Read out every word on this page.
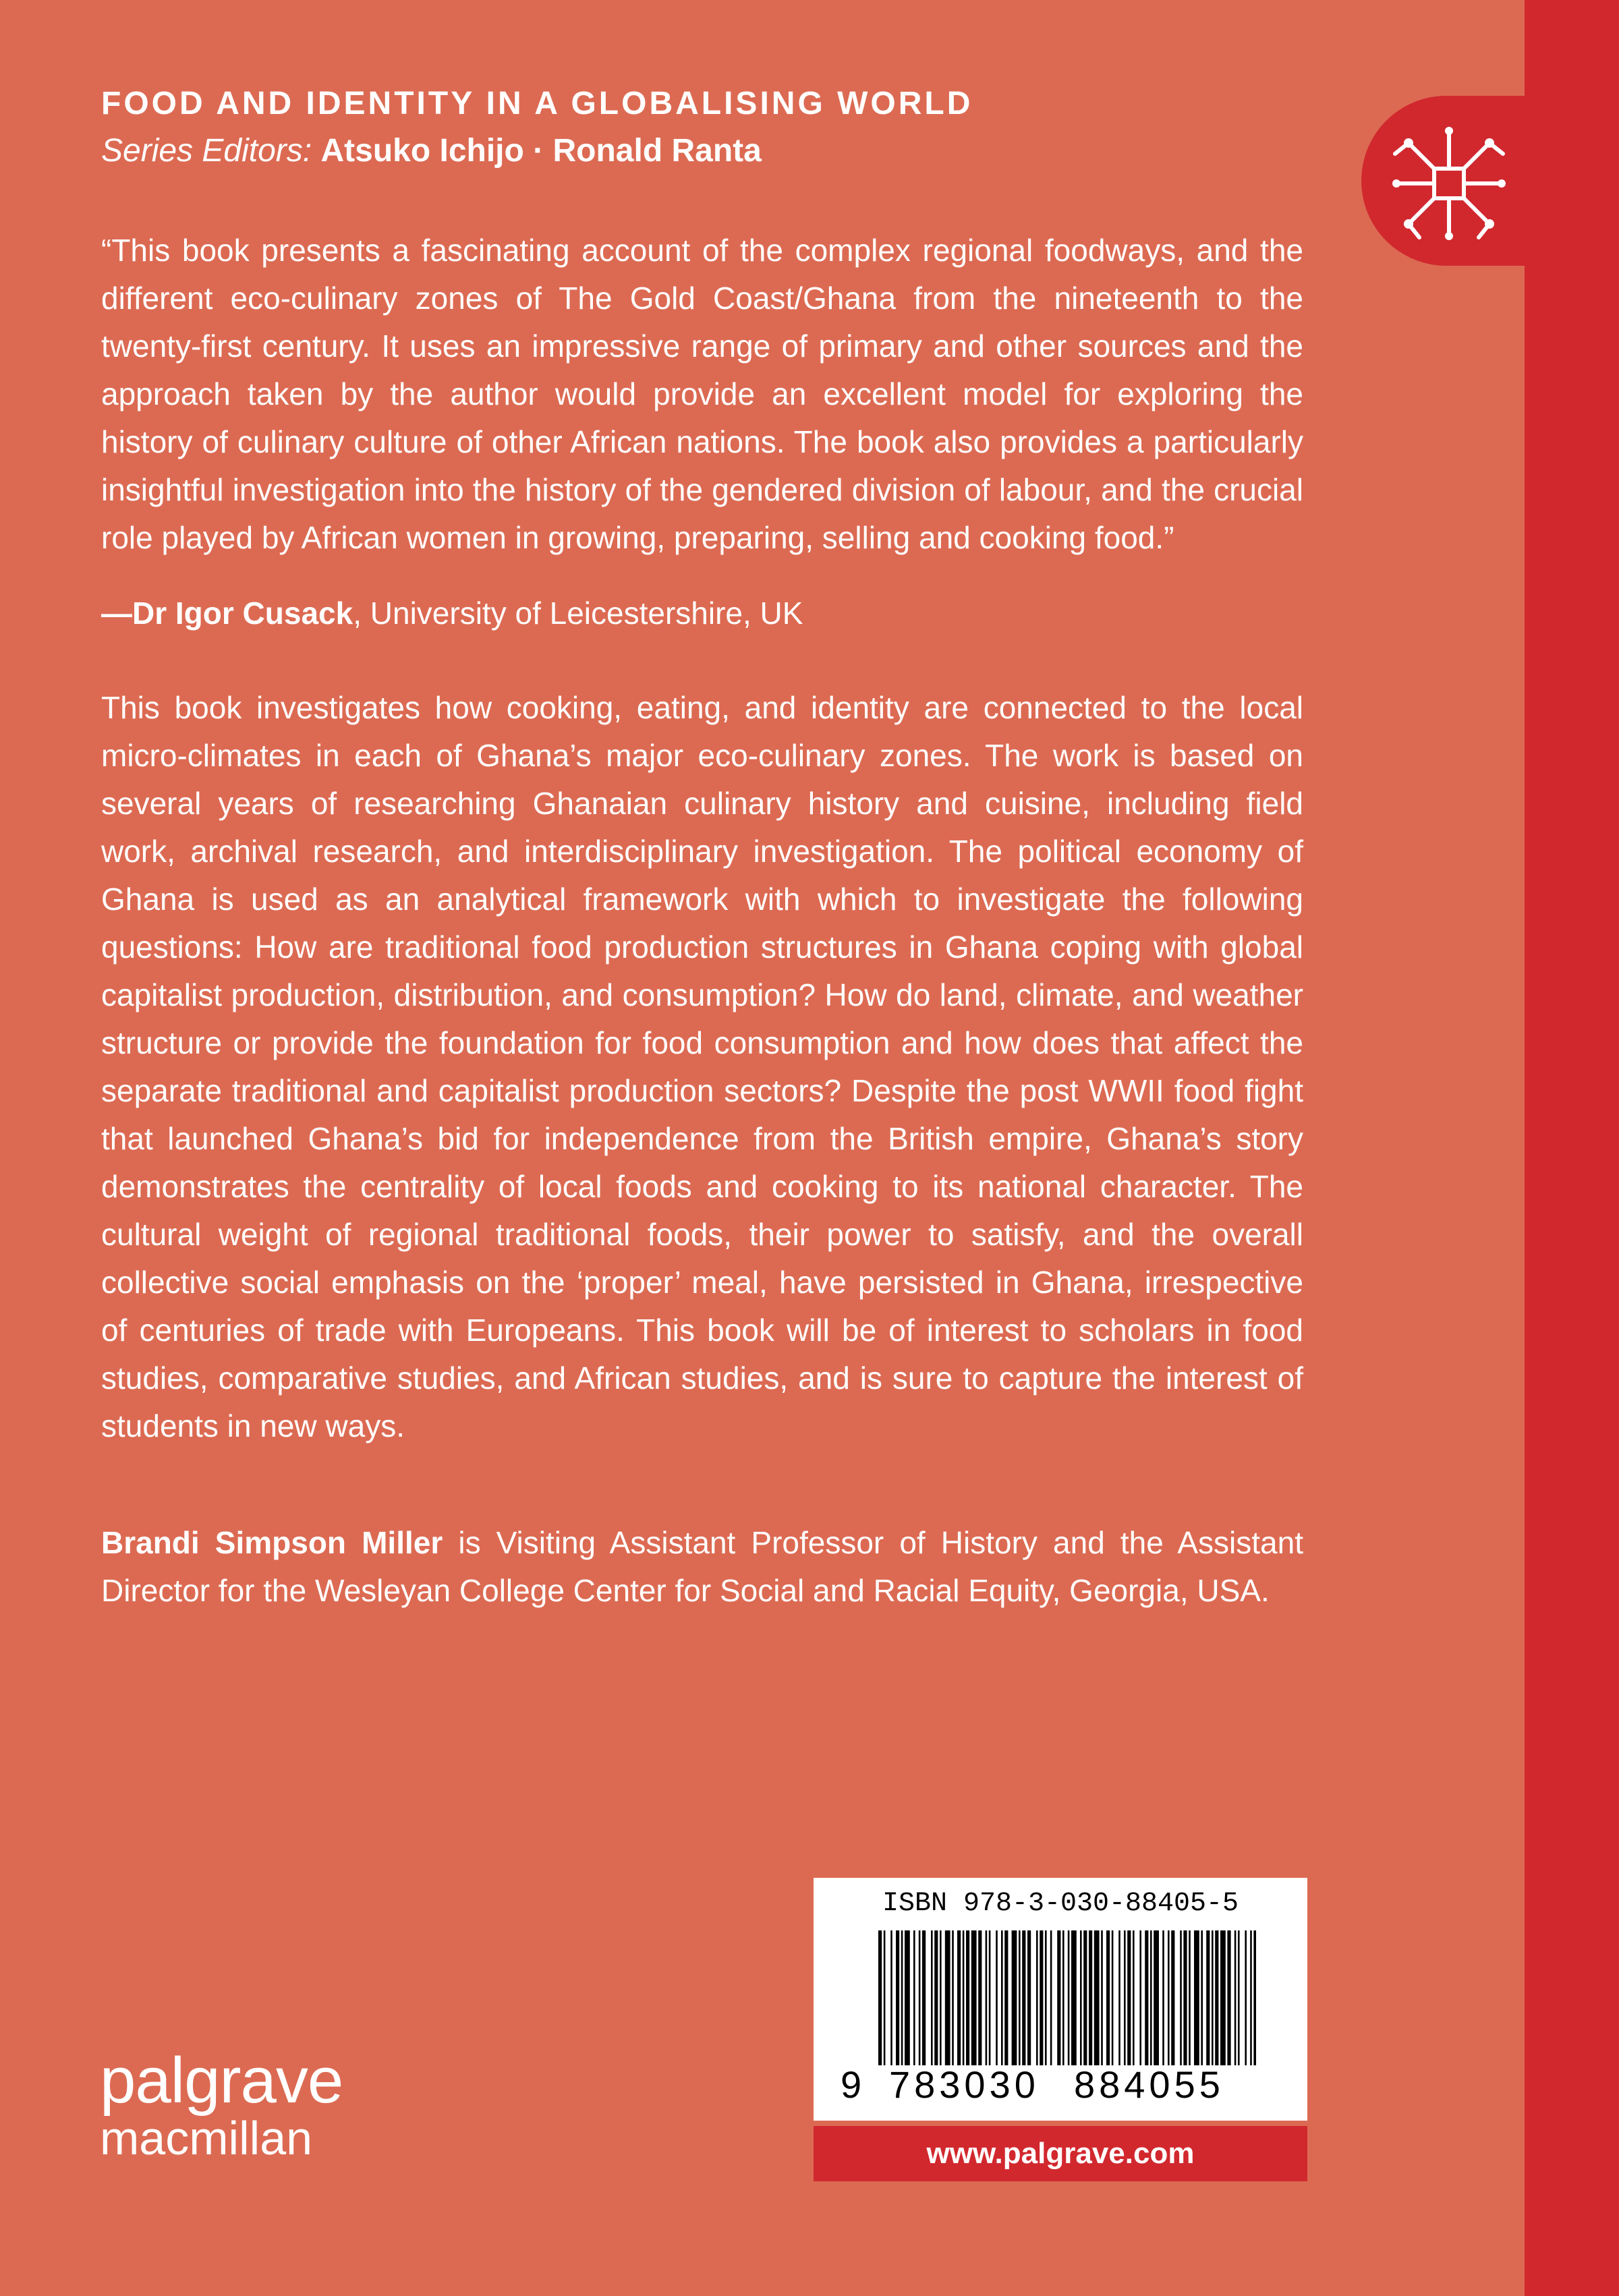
FOOD AND IDENTITY IN A GLOBALISING WORLD
Series Editors: Atsuko Ichijo · Ronald Ranta
“This book presents a fascinating account of the complex regional foodways, and the different eco-culinary zones of The Gold Coast/Ghana from the nineteenth to the twenty-first century. It uses an impressive range of primary and other sources and the approach taken by the author would provide an excellent model for exploring the history of culinary culture of other African nations. The book also provides a particularly insightful investigation into the history of the gendered division of labour, and the crucial role played by African women in growing, preparing, selling and cooking food.”
—Dr Igor Cusack, University of Leicestershire, UK
This book investigates how cooking, eating, and identity are connected to the local micro-climates in each of Ghana’s major eco-culinary zones. The work is based on several years of researching Ghanaian culinary history and cuisine, including field work, archival research, and interdisciplinary investigation. The political economy of Ghana is used as an analytical framework with which to investigate the following questions: How are traditional food production structures in Ghana coping with global capitalist production, distribution, and consumption? How do land, climate, and weather structure or provide the foundation for food consumption and how does that affect the separate traditional and capitalist production sectors? Despite the post WWII food fight that launched Ghana’s bid for independence from the British empire, Ghana’s story demonstrates the centrality of local foods and cooking to its national character. The cultural weight of regional traditional foods, their power to satisfy, and the overall collective social emphasis on the ‘proper’ meal, have persisted in Ghana, irrespective of centuries of trade with Europeans. This book will be of interest to scholars in food studies, comparative studies, and African studies, and is sure to capture the interest of students in new ways.
Brandi Simpson Miller is Visiting Assistant Professor of History and the Assistant Director for the Wesleyan College Center for Social and Racial Equity, Georgia, USA.
ISBN 978-3-030-88405-5
9 783030 884055
www.palgrave.com
palgrave
macmillan
